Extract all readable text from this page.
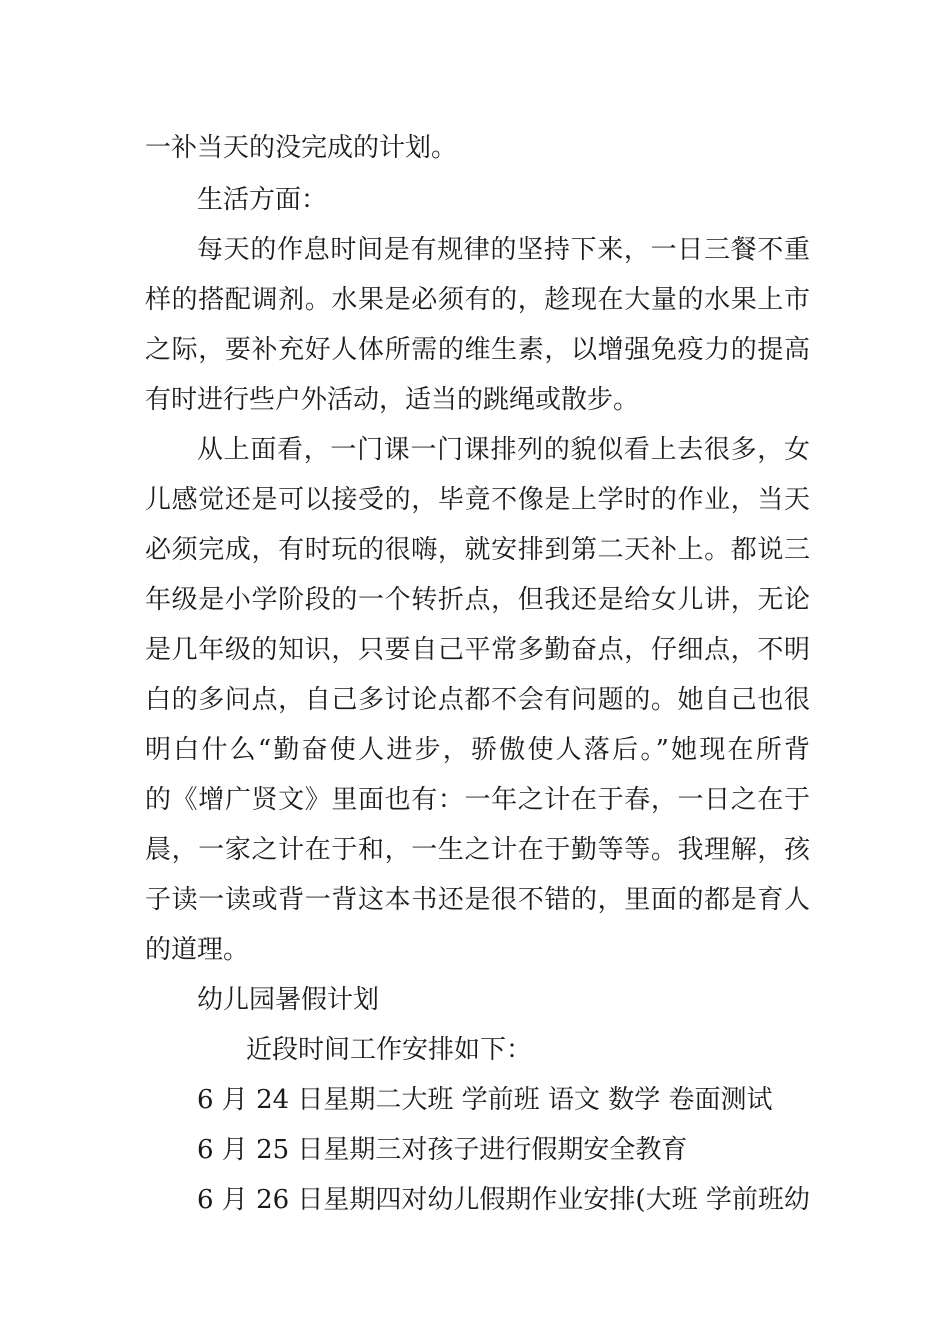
一补当天的没完成的计划。
生活方面：
每天的作息时间是有规律的坚持下来，一日三餐不重
样的搭配调剂。水果是必须有的，趁现在大量的水果上市
之际，要补充好人体所需的维生素，以增强免疫力的提高
有时进行些户外活动，适当的跳绳或散步。
从上面看，一门课一门课排列的貌似看上去很多，女
儿感觉还是可以接受的，毕竟不像是上学时的作业，当天
必须完成，有时玩的很嗨，就安排到第二天补上。都说三
年级是小学阶段的一个转折点，但我还是给女儿讲，无论
是几年级的知识，只要自己平常多勤奋点，仔细点，不明
白的多问点，自己多讨论点都不会有问题的。她自己也很
明白什么“勤奋使人进步，骄傲使人落后。”她现在所背
的《增广贤文》里面也有：一年之计在于春，一日之在于
晨，一家之计在于和，一生之计在于勤等等。我理解，孩
子读一读或背一背这本书还是很不错的，里面的都是育人
的道理。
幼儿园暑假计划
近段时间工作安排如下：
6 月 24 日星期二大班 学前班 语文 数学 卷面测试
6 月 25 日星期三对孩子进行假期安全教育
6 月 26 日星期四对幼儿假期作业安排(大班 学前班幼
